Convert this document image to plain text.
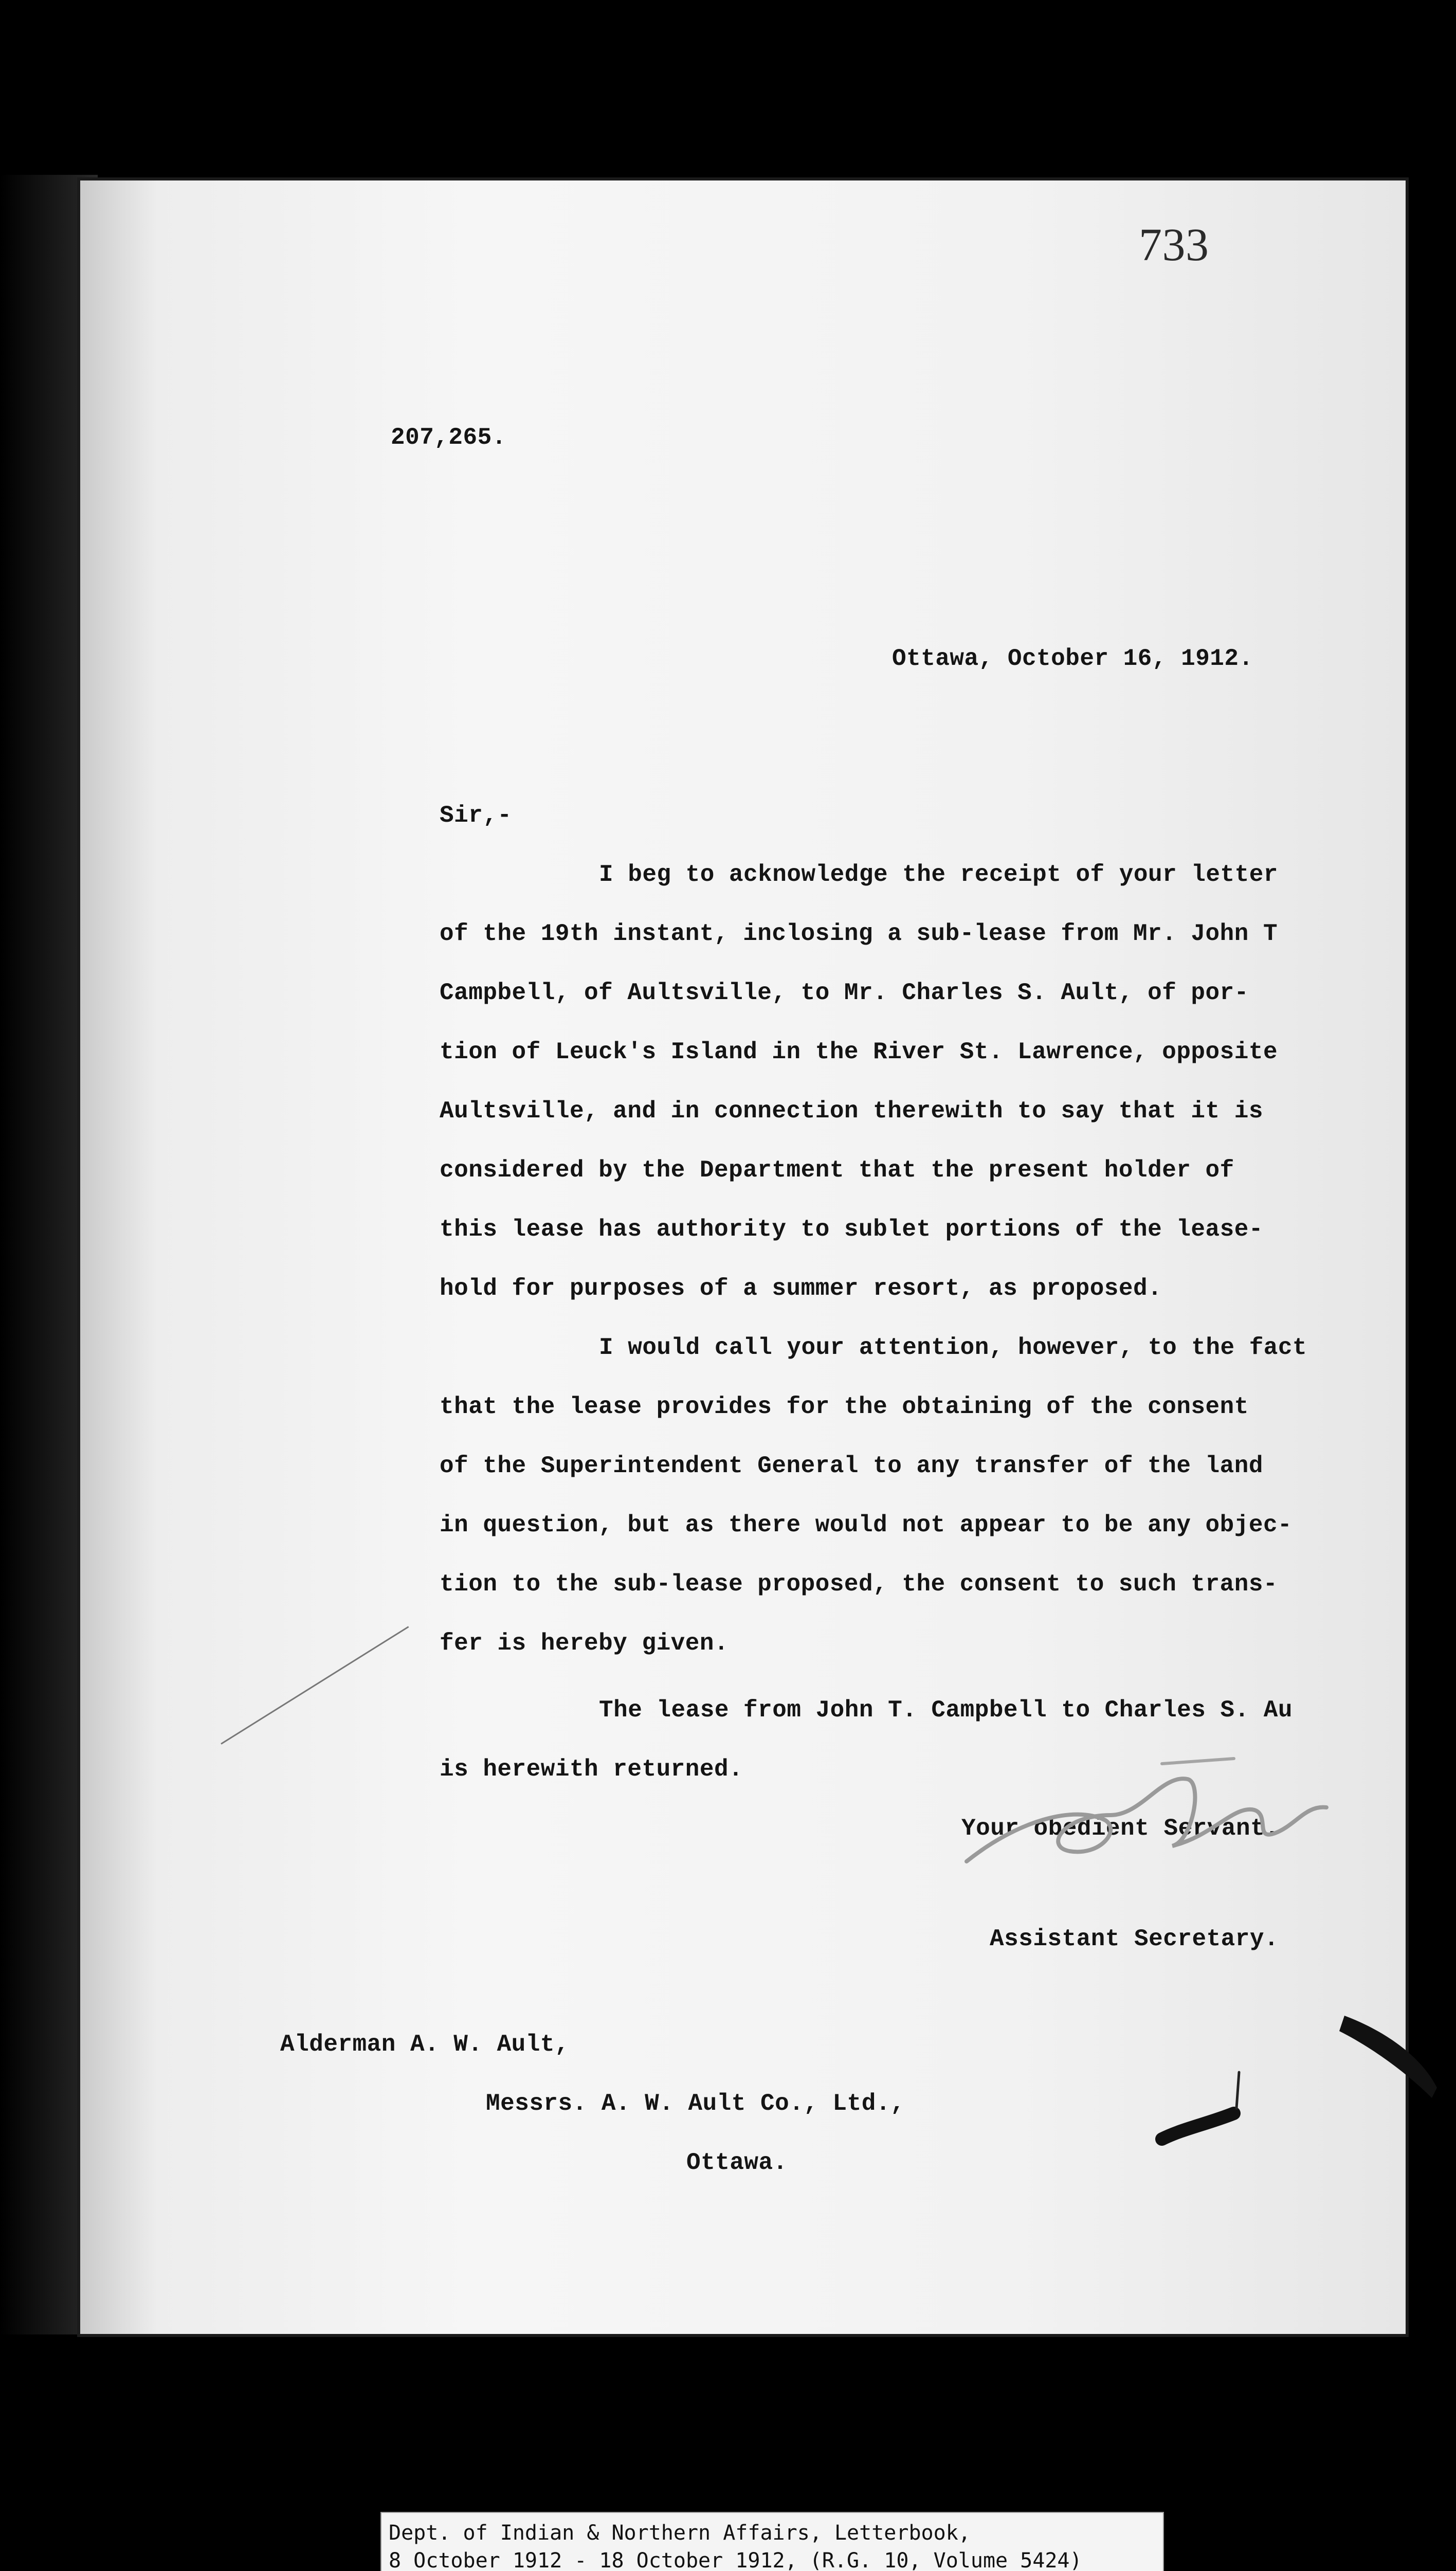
733
207,265.
Ottawa, October 16, 1912.
Sir,-
I beg to acknowledge the receipt of your letter
of the 19th instant, inclosing a sub-lease from Mr. John T
Campbell, of Aultsville, to Mr. Charles S. Ault, of por-
tion of Leuck's Island in the River St. Lawrence, opposite
Aultsville, and in connection therewith to say that it is
considered by the Department that the present holder of
this lease has authority to sublet portions of the lease-
hold for purposes of a summer resort, as proposed.
I would call your attention, however, to the fact
that the lease provides for the obtaining of the consent
of the Superintendent General to any transfer of the land
in question, but as there would not appear to be any objec-
tion to the sub-lease proposed, the consent to such trans-
fer is hereby given.
The lease from John T. Campbell to Charles S. Au
is herewith returned.
Your obedient Servant.
Assistant Secretary.
Alderman A. W. Ault,
Messrs. A. W. Ault Co., Ltd.,
Ottawa.
Dept. of Indian & Northern Affairs, Letterbook,
8 October 1912 - 18 October 1912, (R.G. 10, Volume 5424)
